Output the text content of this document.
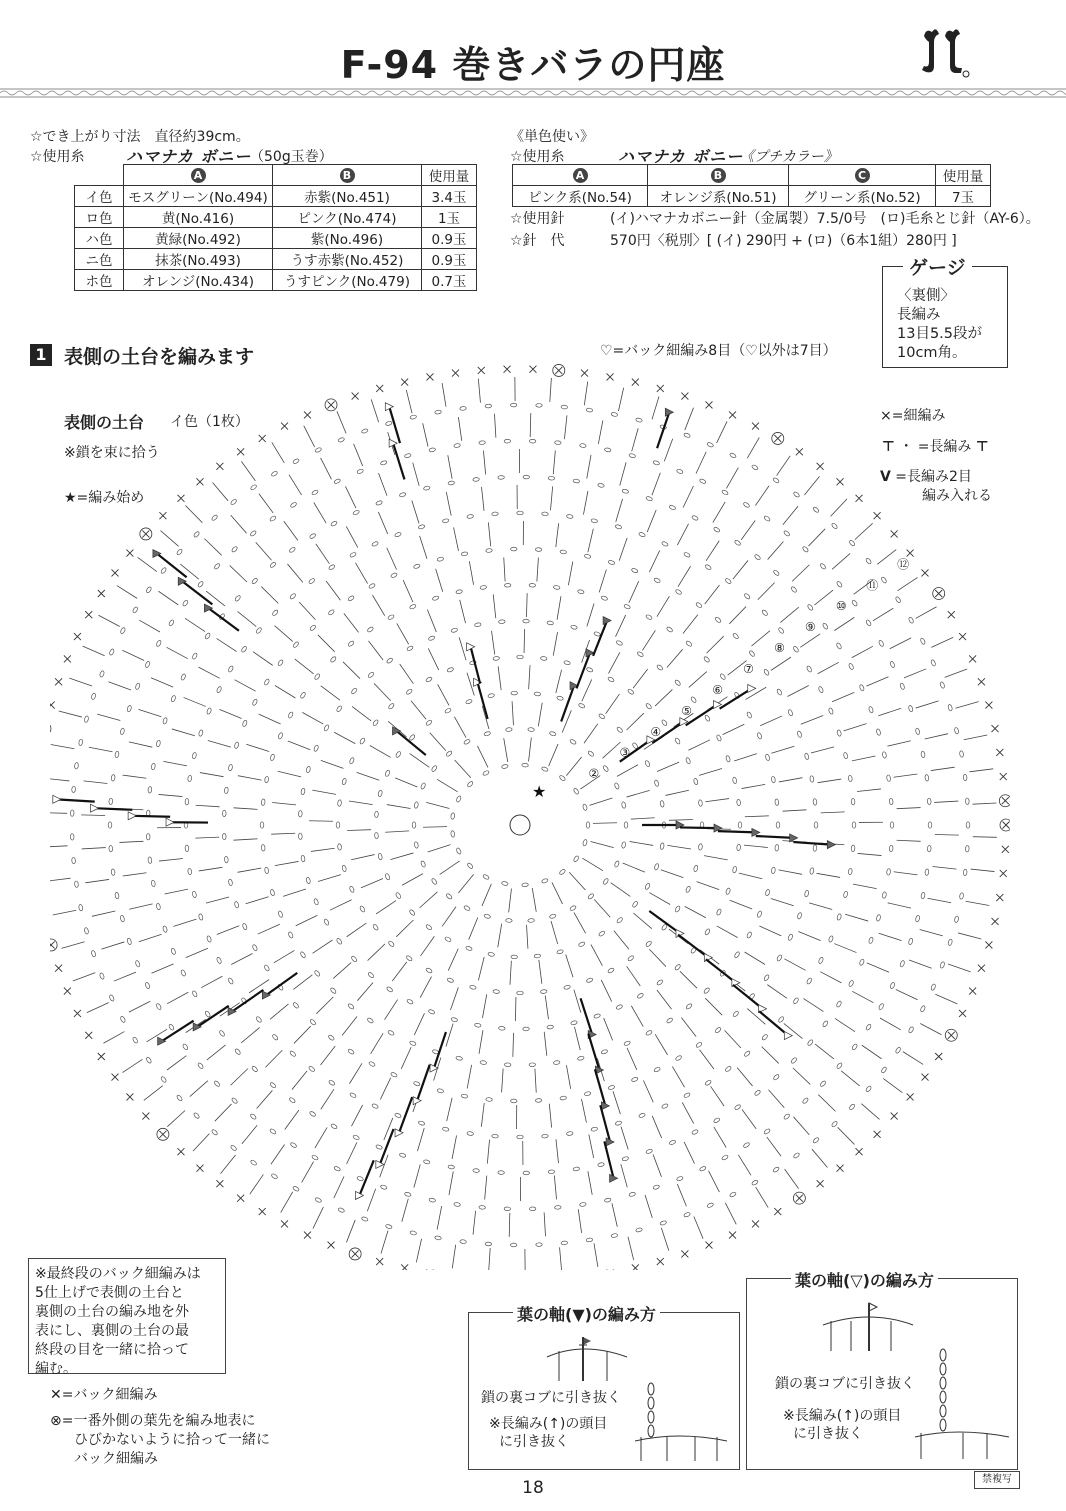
F-94 巻きバラの円座
☆でき上がり寸法　直径約39cm。
☆使用糸	ハマナカ ボニー
（50g玉巻）
	A	B	使用量
イ色	モスグリーン(No.494)	赤紫(No.451)	3.4玉
ロ色	黄(No.416)	ピンク(No.474)	1玉
ハ色	黄緑(No.492)	紫(No.496)	0.9玉
ニ色	抹茶(No.493)	うす赤紫(No.452)	0.9玉
ホ色	オレンジ(No.434)	うすピンク(No.479)	0.7玉
《単色使い》
☆使用糸	ハマナカ ボニー
《プチカラー》
A	B	C	使用量
ピンク系(No.54)	オレンジ系(No.51)	グリーン系(No.52)	7玉
☆使用針	(イ)ハマナカボニー針（金属製）7.5/0号　(ロ)毛糸とじ針（AY-6）。
☆針　代	570円〈税別〉[ (イ) 290円 + (ロ)（6本1組）280円 ]
ゲージ
〈裏側〉
長編み
13目5.5段が
10cm角。
1 表側の土台を編みます	♡=バック細編み8目（♡以外は7目）
表側の土台 イ色（1枚）
※鎖を束に拾う
★=編み始め
×=細編み
⊤ ・ =長編み ⊤
V =長編み2目
編み入れる
★
②
③
④
⑤
⑥
⑦
⑧
⑨
⑩
⑪
⑫
※最終段のバック細編みは
5仕上げで表側の土台と
裏側の土台の編み地を外
表にし、裏側の土台の最
終段の目を一緒に拾って
編む。
✕=バック細編み
⊗=一番外側の葉先を編み地表に
ひびかないように拾って一緒に
バック細編み
葉の軸(▼)の編み方
鎖の裏コブに引き抜く
※長編み(↑)の頭目
に引き抜く
葉の軸(▽)の編み方
鎖の裏コブに引き抜く
※長編み(↑)の頭目
に引き抜く
18	禁複写
